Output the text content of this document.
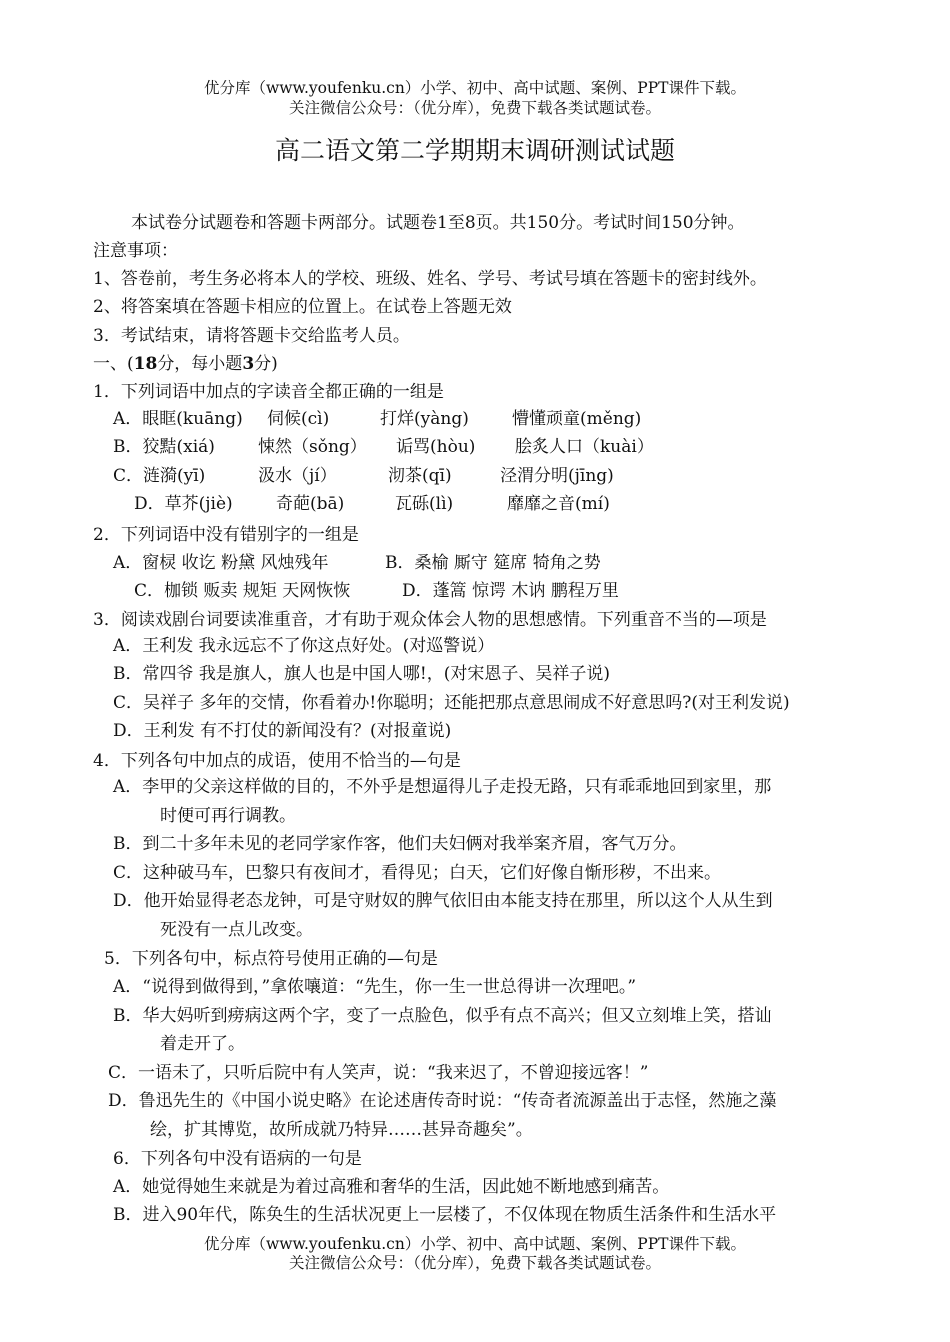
优分库（www.youfenku.cn）小学、初中、高中试题、案例、PPT课件下载。
关注微信公众号：（优分库），免费下载各类试题试卷。
高二语文第二学期期末调研测试试题
本试卷分试题卷和答题卡两部分。试题卷1至8页。共150分。考试时间150分钟。
注意事项：
1、答卷前，考生务必将本人的学校、班级、姓名、学号、考试号填在答题卡的密封线外。
2、将答案填在答题卡相应的位置上。在试卷上答题无效
3．考试结束，请将答题卡交给监考人员。
一、(18分，每小题3分)
1．下列词语中加点的字读音全都正确的一组是
A．眼眶(kuāng) 伺候(cì)	打烊(yàng)	懵懂顽童(měng)
B．狡黠(xiá)	悚然（sǒng） 诟骂(hòu) 脍炙人口（kuài）
C．涟漪(yī)	汲水（jí）	沏茶(qī)	泾渭分明(jīng)
D．草芥(jiè)	奇葩(bā)	瓦砾(lì)	靡靡之音(mí)
2．下列词语中没有错别字的一组是
A．窗棂 收讫 粉黛 风烛残年	B．桑榆 厮守 筵席 犄角之势
C．枷锁 贩卖 规矩 天网恢恢	D．蓬篙 惊谔 木讷 鹏程万里
3．阅读戏剧台词要读准重音，才有助于观众体会人物的思想感情。下列重音不当的—项是
A．王利发 我永远忘不了你这点好处。(对巡警说）
B．常四爷 我是旗人，旗人也是中国人哪!，(对宋恩子、吴祥子说)
C．吴祥子 多年的交情，你看着办!你聪明；还能把那点意思闹成不好意思吗?(对王利发说)
D．王利发 有不打仗的新闻没有？(对报童说)
4．下列各句中加点的成语，使用不恰当的—句是
A．李甲的父亲这样做的目的，不外乎是想逼得儿子走投无路，只有乖乖地回到家里，那
时便可再行调教。
B．到二十多年未见的老同学家作客，他们夫妇俩对我举案齐眉，客气万分。
C．这种破马车，巴黎只有夜间才，看得见；白天，它们好像自惭形秽，不出来。
D．他开始显得老态龙钟，可是守财奴的脾气依旧由本能支持在那里，所以这个人从生到
死没有一点儿改变。
5．下列各句中，标点符号使用正确的—句是
A．“说得到做得到，”拿侬嚷道：“先生，你一生一世总得讲一次理吧。”
B．华大妈听到痨病这两个字，变了一点脸色，似乎有点不高兴；但又立刻堆上笑，搭讪
着走开了。
C．一语未了，只听后院中有人笑声，说：“我来迟了，不曾迎接远客！”
D．鲁迅先生的《中国小说史略》在论述唐传奇时说：“传奇者流源盖出于志怪，然施之藻
绘，扩其博览，故所成就乃特异……甚异奇趣矣”。
6．下列各句中没有语病的一句是
A．她觉得她生来就是为着过高雅和奢华的生活，因此她不断地感到痛苦。
B．进入90年代，陈奂生的生活状况更上一层楼了，不仅体现在物质生活条件和生活水平
优分库（www.youfenku.cn）小学、初中、高中试题、案例、PPT课件下载。
关注微信公众号：（优分库），免费下载各类试题试卷。
